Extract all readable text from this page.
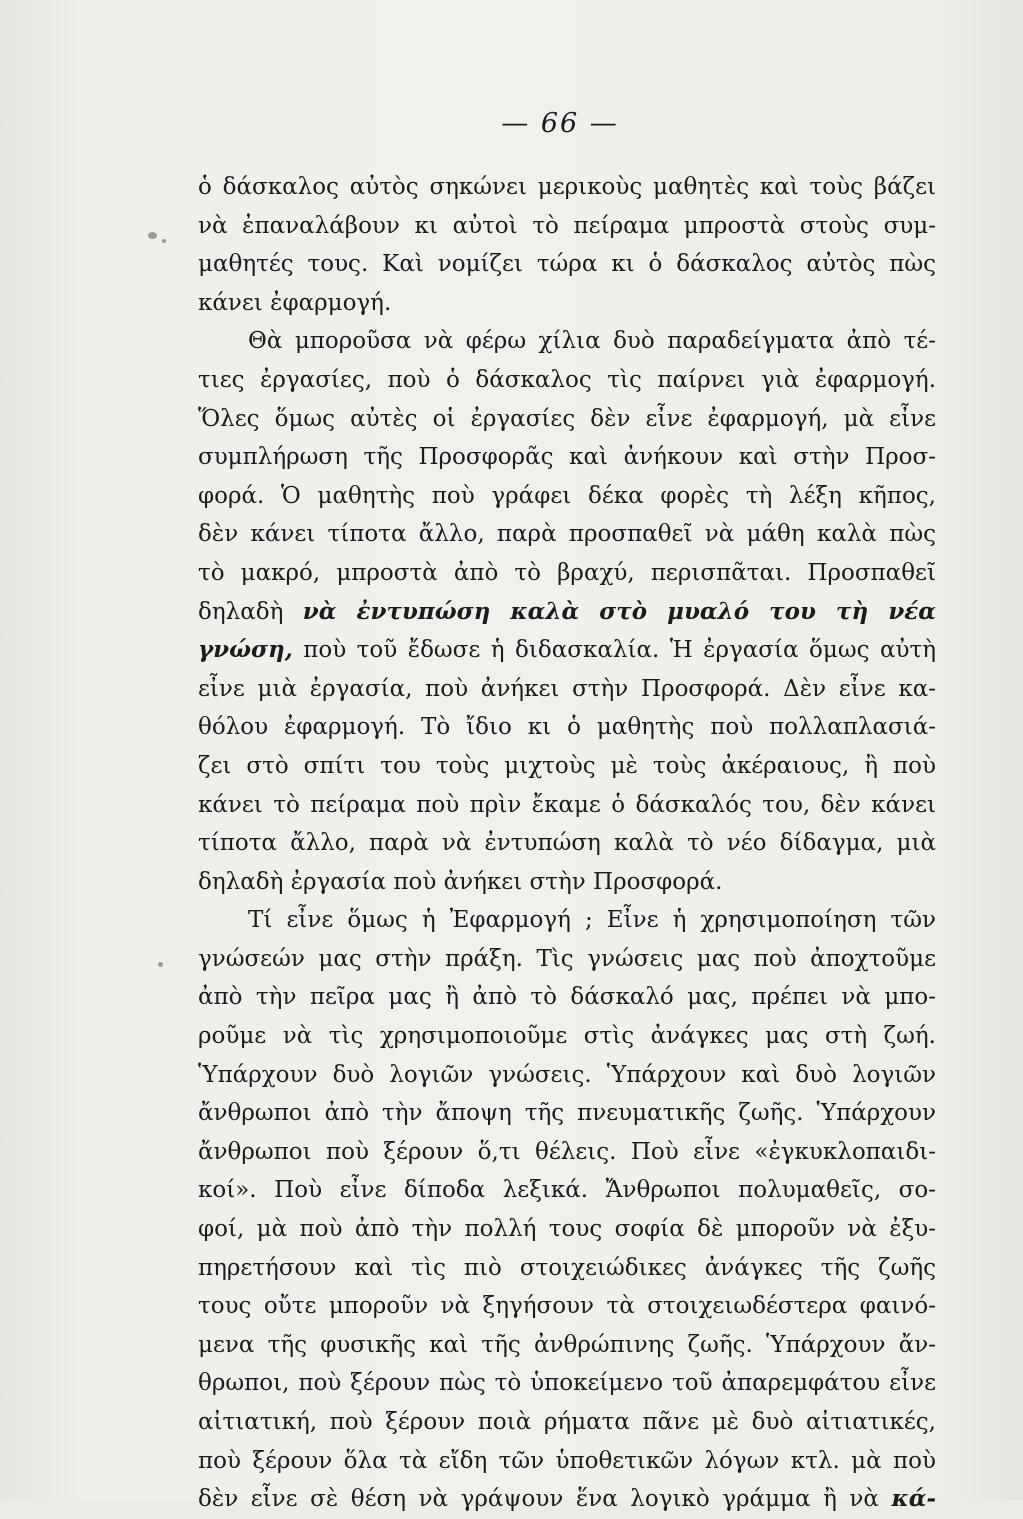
— 66 —
ὁ δάσκαλος αὐτὸς σηκώνει μερικοὺς μαθητὲς καὶ τοὺς βάζει
νὰ ἐπαναλάβουν κι αὐτοὶ τὸ πείραμα μπροστὰ στοὺς συμ-
μαθητές τους. Καὶ νομίζει τώρα κι ὁ δάσκαλος αὐτὸς πὼς
κάνει ἐφαρμογή.
Θὰ μποροῦσα νὰ φέρω χίλια δυὸ παραδείγματα ἀπὸ τέ-
τιες ἐργασίες, ποὺ ὁ δάσκαλος τὶς παίρνει γιὰ ἐφαρμογή.
Ὅλες ὅμως αὐτὲς οἱ ἐργασίες δὲν εἶνε ἐφαρμογή, μὰ εἶνε
συμπλήρωση τῆς Προσφορᾶς καὶ ἀνήκουν καὶ στὴν Προσ-
φορά. Ὁ μαθητὴς ποὺ γράφει δέκα φορὲς τὴ λέξη κῆπος,
δὲν κάνει τίποτα ἄλλο, παρὰ προσπαθεῖ νὰ μάθη καλὰ πὼς
τὸ μακρό, μπροστὰ ἀπὸ τὸ βραχύ, περισπᾶται. Προσπαθεῖ
δηλαδὴ νὰ ἐντυπώση καλὰ στὸ μυαλό του τὴ νέα
γνώση, ποὺ τοῦ ἔδωσε ἡ διδασκαλία. Ἡ ἐργασία ὅμως αὐτὴ
εἶνε μιὰ ἐργασία, ποὺ ἀνήκει στὴν Προσφορά. Δὲν εἶνε κα-
θόλου ἐφαρμογή. Τὸ ἴδιο κι ὁ μαθητὴς ποὺ πολλαπλασιά-
ζει στὸ σπίτι του τοὺς μιχτοὺς μὲ τοὺς ἀκέραιους, ἢ ποὺ
κάνει τὸ πείραμα ποὺ πρὶν ἔκαμε ὁ δάσκαλός του, δὲν κάνει
τίποτα ἄλλο, παρὰ νὰ ἐντυπώση καλὰ τὸ νέο δίδαγμα, μιὰ
δηλαδὴ ἐργασία ποὺ ἀνήκει στὴν Προσφορά.
Τί εἶνε ὅμως ἡ Ἐφαρμογή ; Εἶνε ἡ χρησιμοποίηση τῶν
γνώσεών μας στὴν πράξη. Τὶς γνώσεις μας ποὺ ἀποχτοῦμε
ἀπὸ τὴν πεῖρα μας ἢ ἀπὸ τὸ δάσκαλό μας, πρέπει νὰ μπο-
ροῦμε νὰ τὶς χρησιμοποιοῦμε στὶς ἀνάγκες μας στὴ ζωή.
Ὑπάρχουν δυὸ λογιῶν γνώσεις. Ὑπάρχουν καὶ δυὸ λογιῶν
ἄνθρωποι ἀπὸ τὴν ἄποψη τῆς πνευματικῆς ζωῆς. Ὑπάρχουν
ἄνθρωποι ποὺ ξέρουν ὅ,τι θέλεις. Ποὺ εἶνε «ἐγκυκλοπαιδι-
κοί». Ποὺ εἶνε δίποδα λεξικά. Ἄνθρωποι πολυμαθεῖς, σο-
φοί, μὰ ποὺ ἀπὸ τὴν πολλή τους σοφία δὲ μποροῦν νὰ ἐξυ-
πηρετήσουν καὶ τὶς πιὸ στοιχειώδικες ἀνάγκες τῆς ζωῆς
τους οὔτε μποροῦν νὰ ξηγήσουν τὰ στοιχειωδέστερα φαινό-
μενα τῆς φυσικῆς καὶ τῆς ἀνθρώπινης ζωῆς. Ὑπάρχουν ἄν-
θρωποι, ποὺ ξέρουν πὼς τὸ ὑποκείμενο τοῦ ἀπαρεμφάτου εἶνε
αἰτιατική, ποὺ ξέρουν ποιὰ ρήματα πᾶνε μὲ δυὸ αἰτιατικές,
ποὺ ξέρουν ὅλα τὰ εἴδη τῶν ὑποθετικῶν λόγων κτλ. μὰ ποὺ
δὲν εἶνε σὲ θέση νὰ γράψουν ἕνα λογικὸ γράμμα ἢ νὰ κά-
